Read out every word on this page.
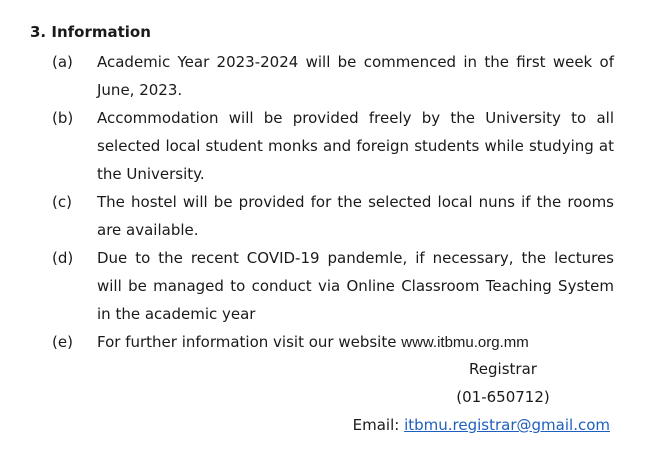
3. Information
(a)	Academic Year 2023-2024 will be commenced in the first week of June, 2023.
(b)	Accommodation will be provided freely by the University to all selected local student monks and foreign students while studying at the University.
(c)	The hostel will be provided for the selected local nuns if the rooms are available.
(d)	Due to the recent COVID-19 pandemle, if necessary, the lectures will be managed to conduct via Online Classroom Teaching System in the academic year
(e)	For further information visit our website www.itbmu.org.mm
Registrar
(01-650712)
Email: itbmu.registrar@gmail.com
